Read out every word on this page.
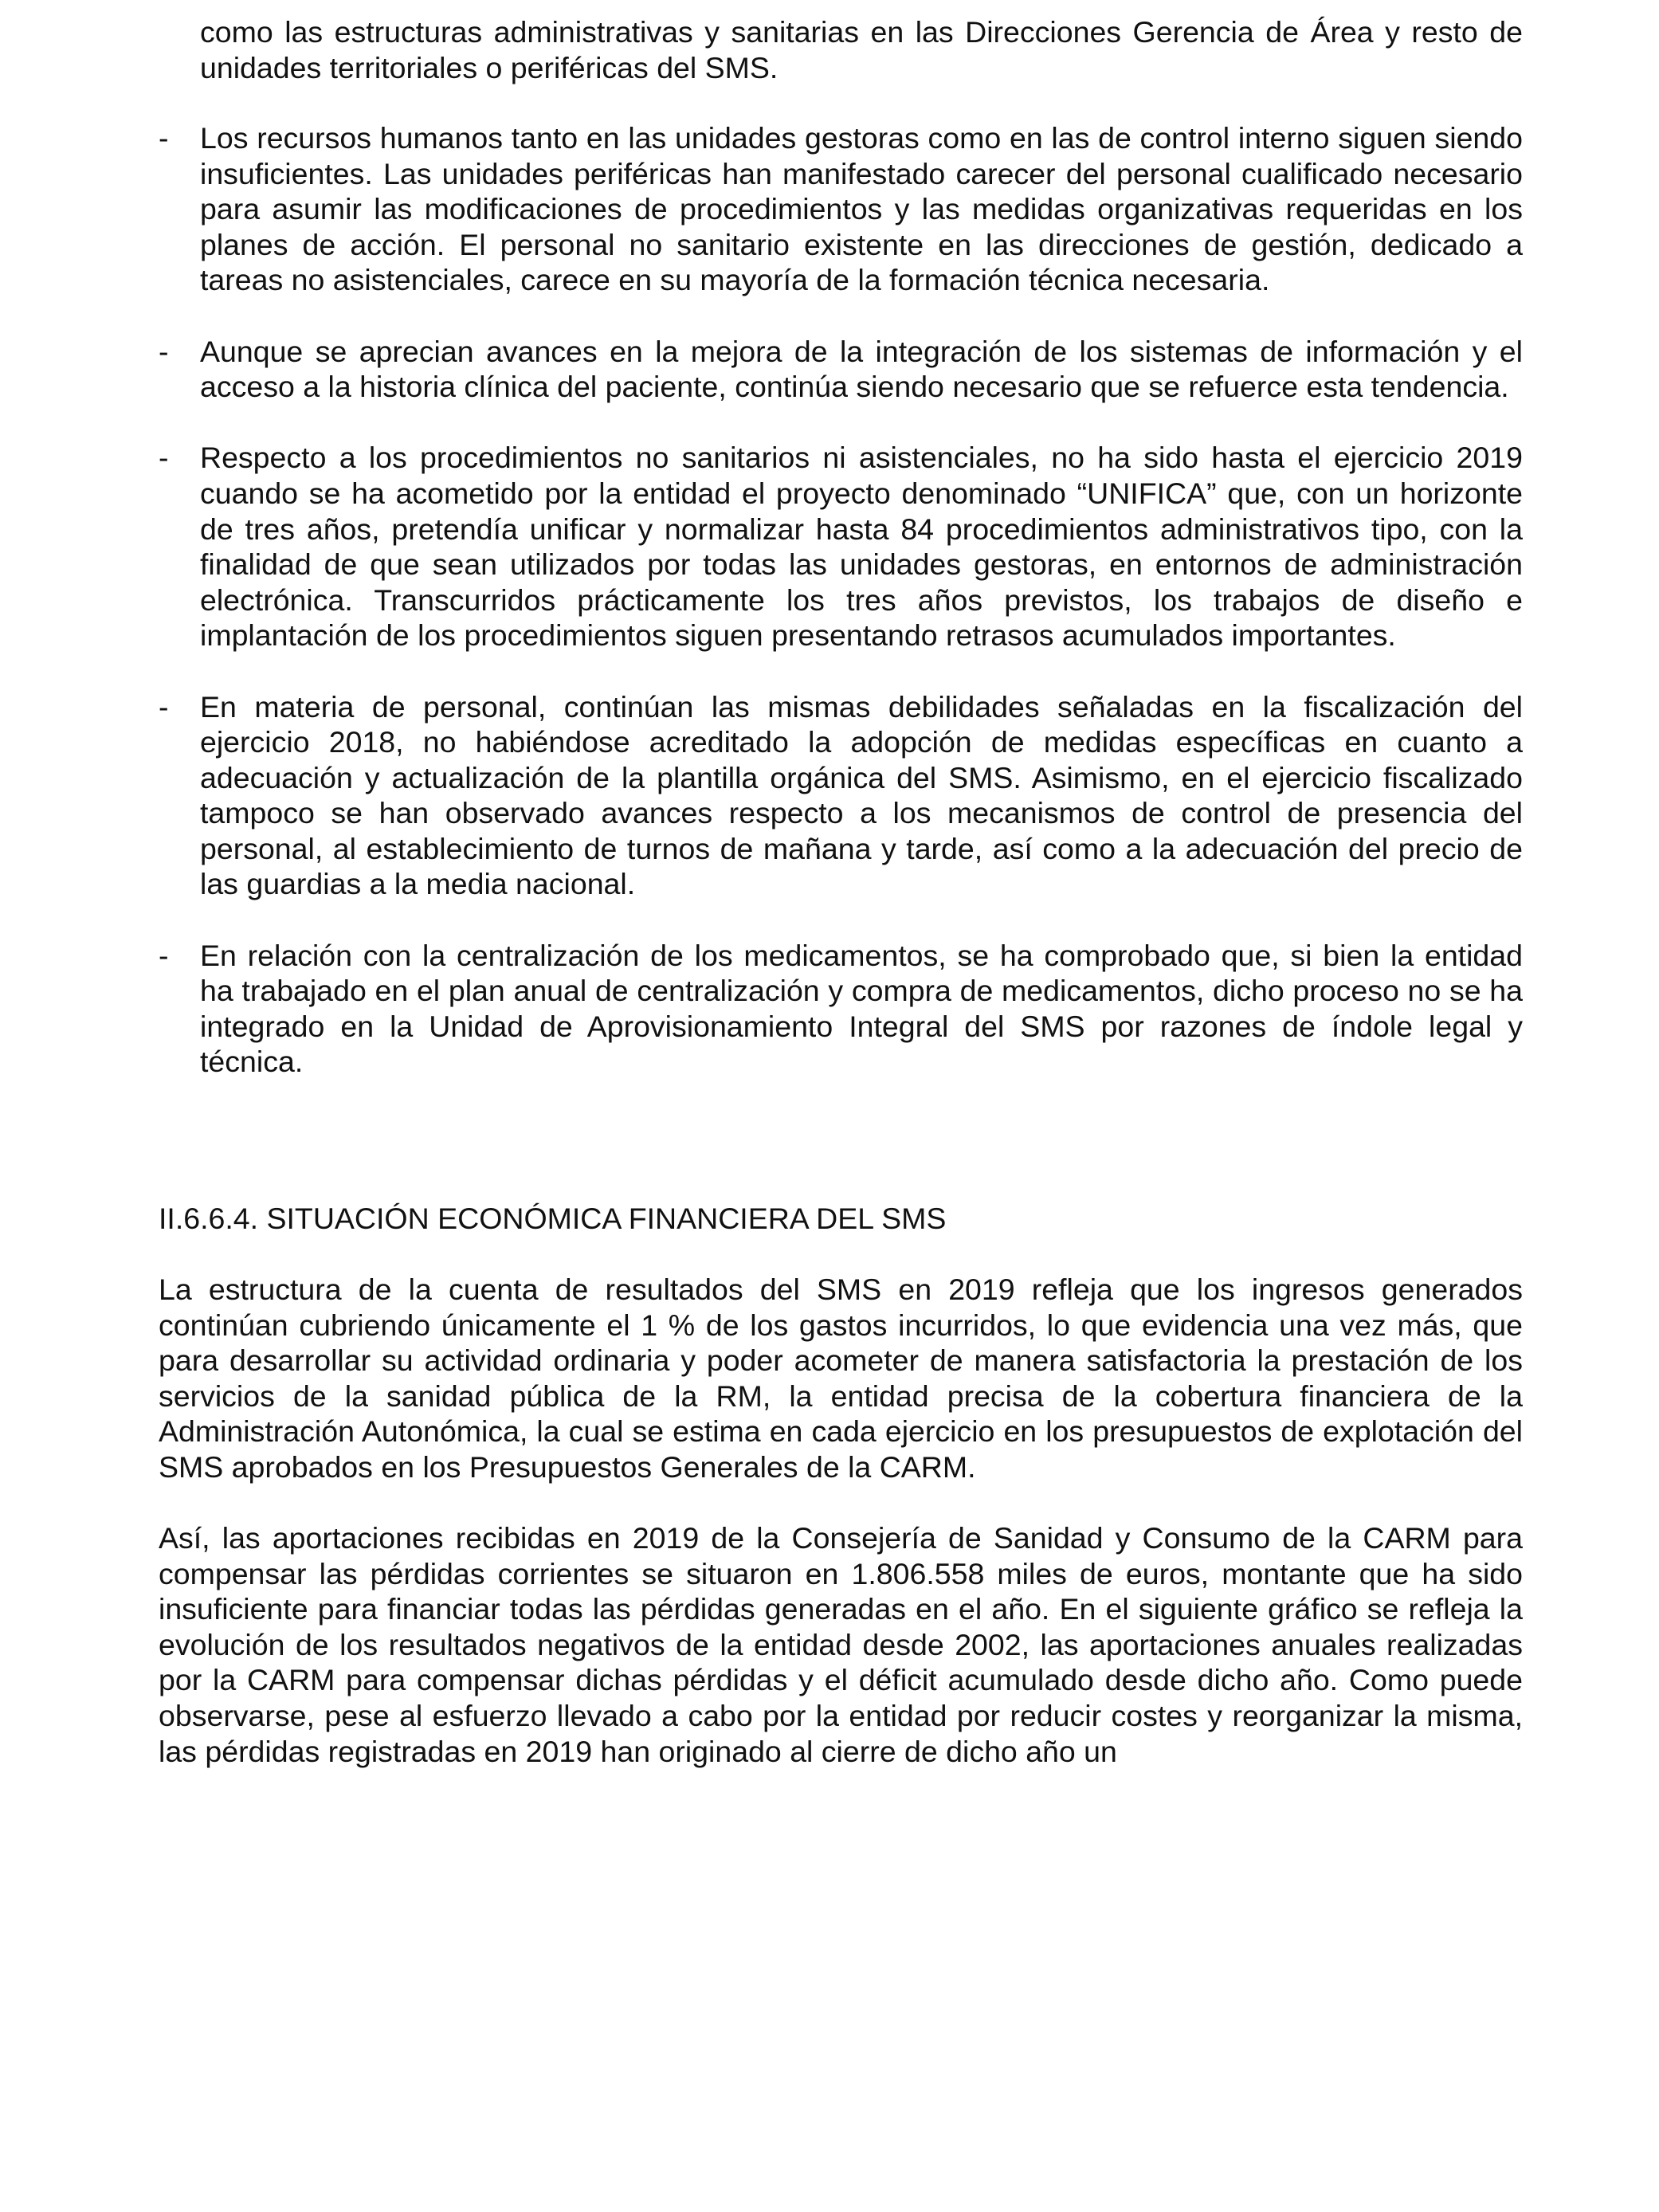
como las estructuras administrativas y sanitarias en las Direcciones Gerencia de Área y resto de unidades territoriales o periféricas del SMS.

- Los recursos humanos tanto en las unidades gestoras como en las de control interno siguen siendo insuficientes. Las unidades periféricas han manifestado carecer del personal cualificado necesario para asumir las modificaciones de procedimientos y las medidas organizativas requeridas en los planes de acción. El personal no sanitario existente en las direcciones de gestión, dedicado a tareas no asistenciales, carece en su mayoría de la formación técnica necesaria.
- Aunque se aprecian avances en la mejora de la integración de los sistemas de información y el acceso a la historia clínica del paciente, continúa siendo necesario que se refuerce esta tendencia.
- Respecto a los procedimientos no sanitarios ni asistenciales, no ha sido hasta el ejercicio 2019 cuando se ha acometido por la entidad el proyecto denominado “UNIFICA” que, con un horizonte de tres años, pretendía unificar y normalizar hasta 84 procedimientos administrativos tipo, con la finalidad de que sean utilizados por todas las unidades gestoras, en entornos de administración electrónica. Transcurridos prácticamente los tres años previstos, los trabajos de diseño e implantación de los procedimientos siguen presentando retrasos acumulados importantes.
- En materia de personal, continúan las mismas debilidades señaladas en la fiscalización del ejercicio 2018, no habiéndose acreditado la adopción de medidas específicas en cuanto a adecuación y actualización de la plantilla orgánica del SMS. Asimismo, en el ejercicio fiscalizado tampoco se han observado avances respecto a los mecanismos de control de presencia del personal, al establecimiento de turnos de mañana y tarde, así como a la adecuación del precio de las guardias a la media nacional.
- En relación con la centralización de los medicamentos, se ha comprobado que, si bien la entidad ha trabajado en el plan anual de centralización y compra de medicamentos, dicho proceso no se ha integrado en la Unidad de Aprovisionamiento Integral del SMS por razones de índole legal y técnica.
II.6.6.4. SITUACIÓN ECONÓMICA FINANCIERA DEL SMS

La estructura de la cuenta de resultados del SMS en 2019 refleja que los ingresos generados continúan cubriendo únicamente el 1 % de los gastos incurridos, lo que evidencia una vez más, que para desarrollar su actividad ordinaria y poder acometer de manera satisfactoria la prestación de los servicios de la sanidad pública de la RM, la entidad precisa de la cobertura financiera de la Administración Autonómica, la cual se estima en cada ejercicio en los presupuestos de explotación del SMS aprobados en los Presupuestos Generales de la CARM.

Así, las aportaciones recibidas en 2019 de la Consejería de Sanidad y Consumo de la CARM para compensar las pérdidas corrientes se situaron en 1.806.558 miles de euros, montante que ha sido insuficiente para financiar todas las pérdidas generadas en el año. En el siguiente gráfico se refleja la evolución de los resultados negativos de la entidad desde 2002, las aportaciones anuales realizadas por la CARM para compensar dichas pérdidas y el déficit acumulado desde dicho año. Como puede observarse, pese al esfuerzo llevado a cabo por la entidad por reducir costes y reorganizar la misma, las pérdidas registradas en 2019 han originado al cierre de dicho año un
